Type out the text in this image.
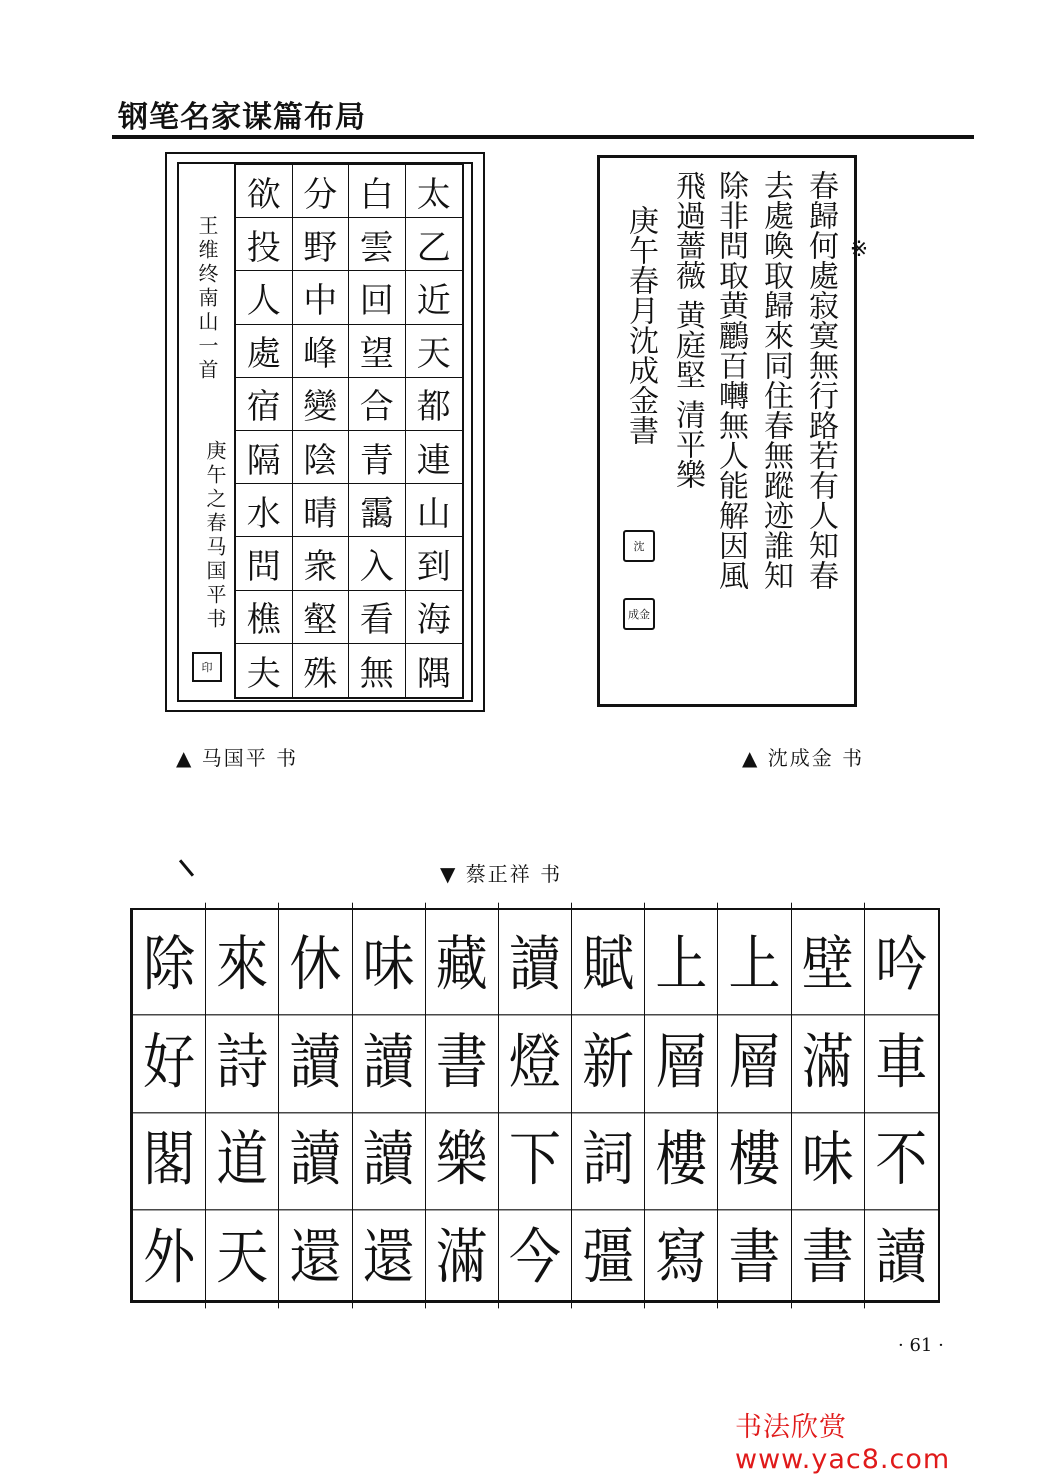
钢笔名家谋篇布局
欲 分 白 太
投 野 雲 乙
人 中 回 近
處 峰 望 天
宿 變 合 都
隔 陰 青 連
水 晴 靄 山
問 衆 入 到
樵 壑 看 海
夫 殊 無 隅
王维终南山一首
庚午之春马国平书
印
▲ 马国平 书
※
春歸何處寂寞無行路若有人知春
去處喚取歸來同住春無蹤迹誰知
除非問取黄鸝百囀無人能解因風
飛過薔薇 黄庭堅 清平樂
庚午春月沈成金書
沈
成金
▲ 沈成金 书
▼ 蔡正祥 书
除 來 休 味 藏 讀 賦 上 上 壁 吟
好 詩 讀 讀 書 燈 新 層 層 滿 車
閣 道 讀 讀 樂 下 詞 樓 樓 味 不
外 天 還 還 滿 今 彊 寫 書 書 讀
· 61 ·
书法欣赏 www.yac8.com
